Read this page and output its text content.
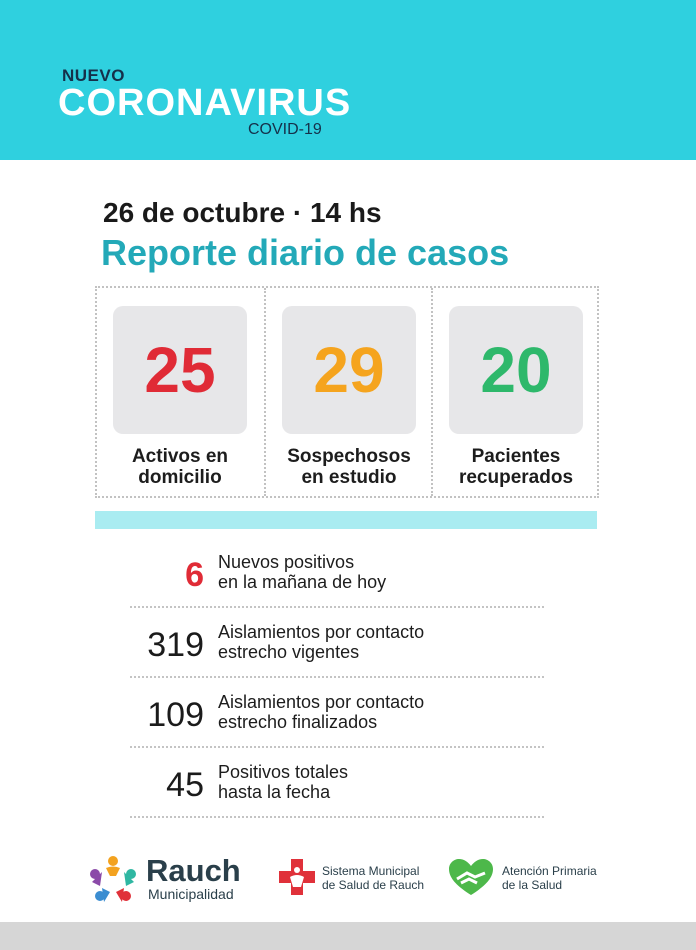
NUEVO
CORONAVIRUS
COVID-19
26 de octubre · 14 hs
Reporte diario de casos
25
Activos en
domicilio
29
Sospechosos
en estudio
20
Pacientes
recuperados
6 Nuevos positivos
en la mañana de hoy
319 Aislamientos por contacto
estrecho vigentes
109 Aislamientos por contacto
estrecho finalizados
45 Positivos totales
hasta la fecha
Rauch
Municipalidad
Sistema Municipal
de Salud de Rauch
Atención Primaria
de la Salud
